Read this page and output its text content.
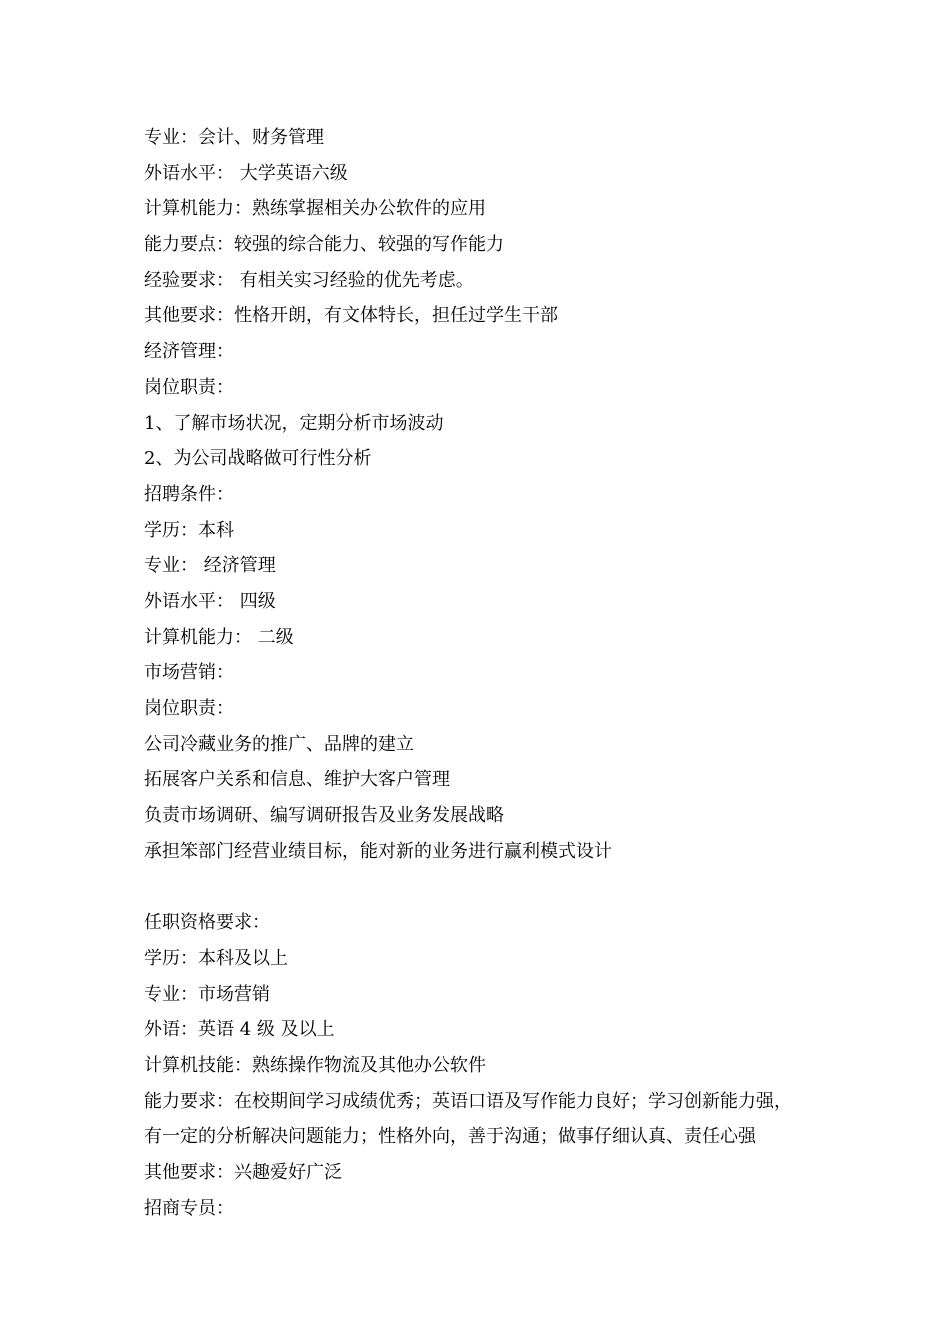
专业：会计、财务管理
外语水平： 大学英语六级
计算机能力：熟练掌握相关办公软件的应用
能力要点：较强的综合能力、较强的写作能力
经验要求： 有相关实习经验的优先考虑。
其他要求：性格开朗，有文体特长，担任过学生干部
经济管理：
岗位职责：
1、了解市场状况，定期分析市场波动
2、为公司战略做可行性分析
招聘条件：
学历：本科
专业： 经济管理
外语水平： 四级
计算机能力： 二级
市场营销：
岗位职责：
公司冷藏业务的推广、品牌的建立
拓展客户关系和信息、维护大客户管理
负责市场调研、编写调研报告及业务发展战略
承担笨部门经营业绩目标，能对新的业务进行赢利模式设计
任职资格要求：
学历：本科及以上
专业：市场营销
外语：英语 4 级 及以上
计算机技能：熟练操作物流及其他办公软件
能力要求：在校期间学习成绩优秀；英语口语及写作能力良好；学习创新能力强，
有一定的分析解决问题能力；性格外向，善于沟通；做事仔细认真、责任心强
其他要求：兴趣爱好广泛
招商专员：
